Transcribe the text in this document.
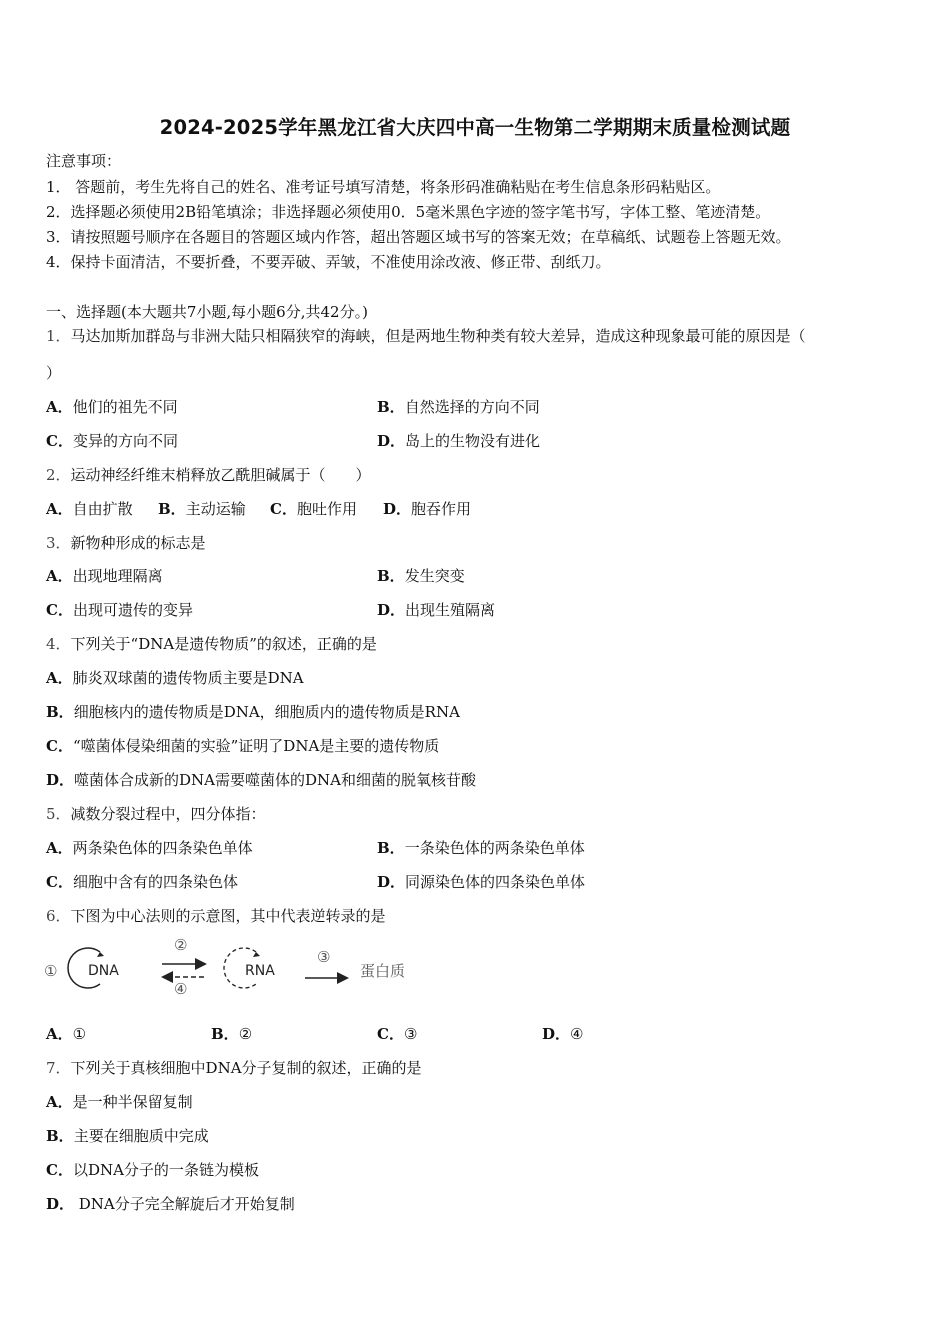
2024-2025学年黑龙江省大庆四中高一生物第二学期期末质量检测试题
注意事项：
1． 答题前，考生先将自己的姓名、准考证号填写清楚，将条形码准确粘贴在考生信息条形码粘贴区。
2．选择题必须使用2B铅笔填涂；非选择题必须使用0．5毫米黑色字迹的签字笔书写，字体工整、笔迹清楚。
3．请按照题号顺序在各题目的答题区域内作答，超出答题区域书写的答案无效；在草稿纸、试题卷上答题无效。
4．保持卡面清洁，不要折叠，不要弄破、弄皱，不准使用涂改液、修正带、刮纸刀。
一、选择题(本大题共7小题,每小题6分,共42分。)
1．马达加斯加群岛与非洲大陆只相隔狭窄的海峡，但是两地生物种类有较大差异，造成这种现象最可能的原因是（
）
A．他们的祖先不同	B．自然选择的方向不同
C．变异的方向不同	D．岛上的生物没有进化
2．运动神经纤维末梢释放乙酰胆碱属于（　　）
A．自由扩散 B．主动运输 C．胞吐作用 D．胞吞作用
3．新物种形成的标志是
A．出现地理隔离	B．发生突变
C．出现可遗传的变异	D．出现生殖隔离
4．下列关于“DNA是遗传物质”的叙述，正确的是
A．肺炎双球菌的遗传物质主要是DNA
B．细胞核内的遗传物质是DNA，细胞质内的遗传物质是RNA
C．“噬菌体侵染细菌的实验”证明了DNA是主要的遗传物质
D．噬菌体合成新的DNA需要噬菌体的DNA和细菌的脱氧核苷酸
5．减数分裂过程中，四分体指：
A．两条染色体的四条染色单体	B．一条染色体的两条染色单体
C．细胞中含有的四条染色体	D．同源染色体的四条染色单体
6．下图为中心法则的示意图，其中代表逆转录的是
① DNA
②
④
RNA
③
蛋白质
A．①	B．②	C．③	D．④
7．下列关于真核细胞中DNA分子复制的叙述，正确的是
A．是一种半保留复制
B．主要在细胞质中完成
C．以DNA分子的一条链为模板
D． DNA分子完全解旋后才开始复制
